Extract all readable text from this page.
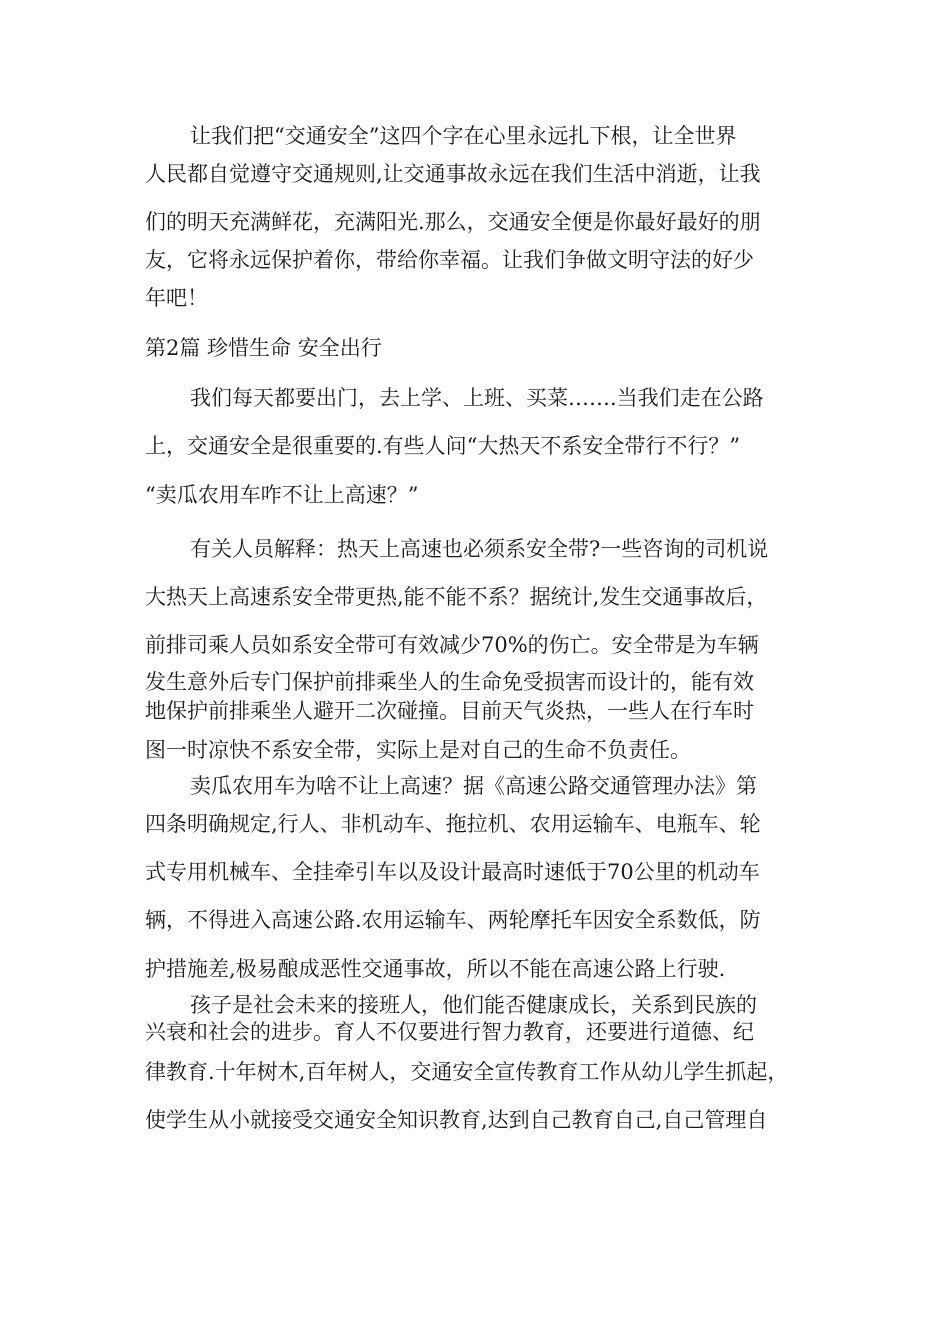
让我们把“交通安全”这四个字在心里永远扎下根，让全世界
人民都自觉遵守交通规则,让交通事故永远在我们生活中消逝，让我
们的明天充满鲜花，充满阳光.那么，交通安全便是你最好最好的朋
友，它将永远保护着你，带给你幸福。让我们争做文明守法的好少
年吧！
第2篇 珍惜生命 安全出行
我们每天都要出门，去上学、上班、买菜…….当我们走在公路
上，交通安全是很重要的.有些人问“大热天不系安全带行不行？”
“卖瓜农用车咋不让上高速？”
有关人员解释：热天上高速也必须系安全带?一些咨询的司机说
大热天上高速系安全带更热,能不能不系？据统计,发生交通事故后，
前排司乘人员如系安全带可有效减少70%的伤亡。安全带是为车辆
发生意外后专门保护前排乘坐人的生命免受损害而设计的，能有效
地保护前排乘坐人避开二次碰撞。目前天气炎热，一些人在行车时
图一时凉快不系安全带，实际上是对自己的生命不负责任。
卖瓜农用车为啥不让上高速？据《高速公路交通管理办法》第
四条明确规定,行人、非机动车、拖拉机、农用运输车、电瓶车、轮
式专用机械车、全挂牵引车以及设计最高时速低于70公里的机动车
辆，不得进入高速公路.农用运输车、两轮摩托车因安全系数低，防
护措施差,极易酿成恶性交通事故，所以不能在高速公路上行驶.
孩子是社会未来的接班人，他们能否健康成长，关系到民族的
兴衰和社会的进步。育人不仅要进行智力教育，还要进行道德、纪
律教育.十年树木,百年树人，交通安全宣传教育工作从幼儿学生抓起，
使学生从小就接受交通安全知识教育,达到自己教育自己,自己管理自
